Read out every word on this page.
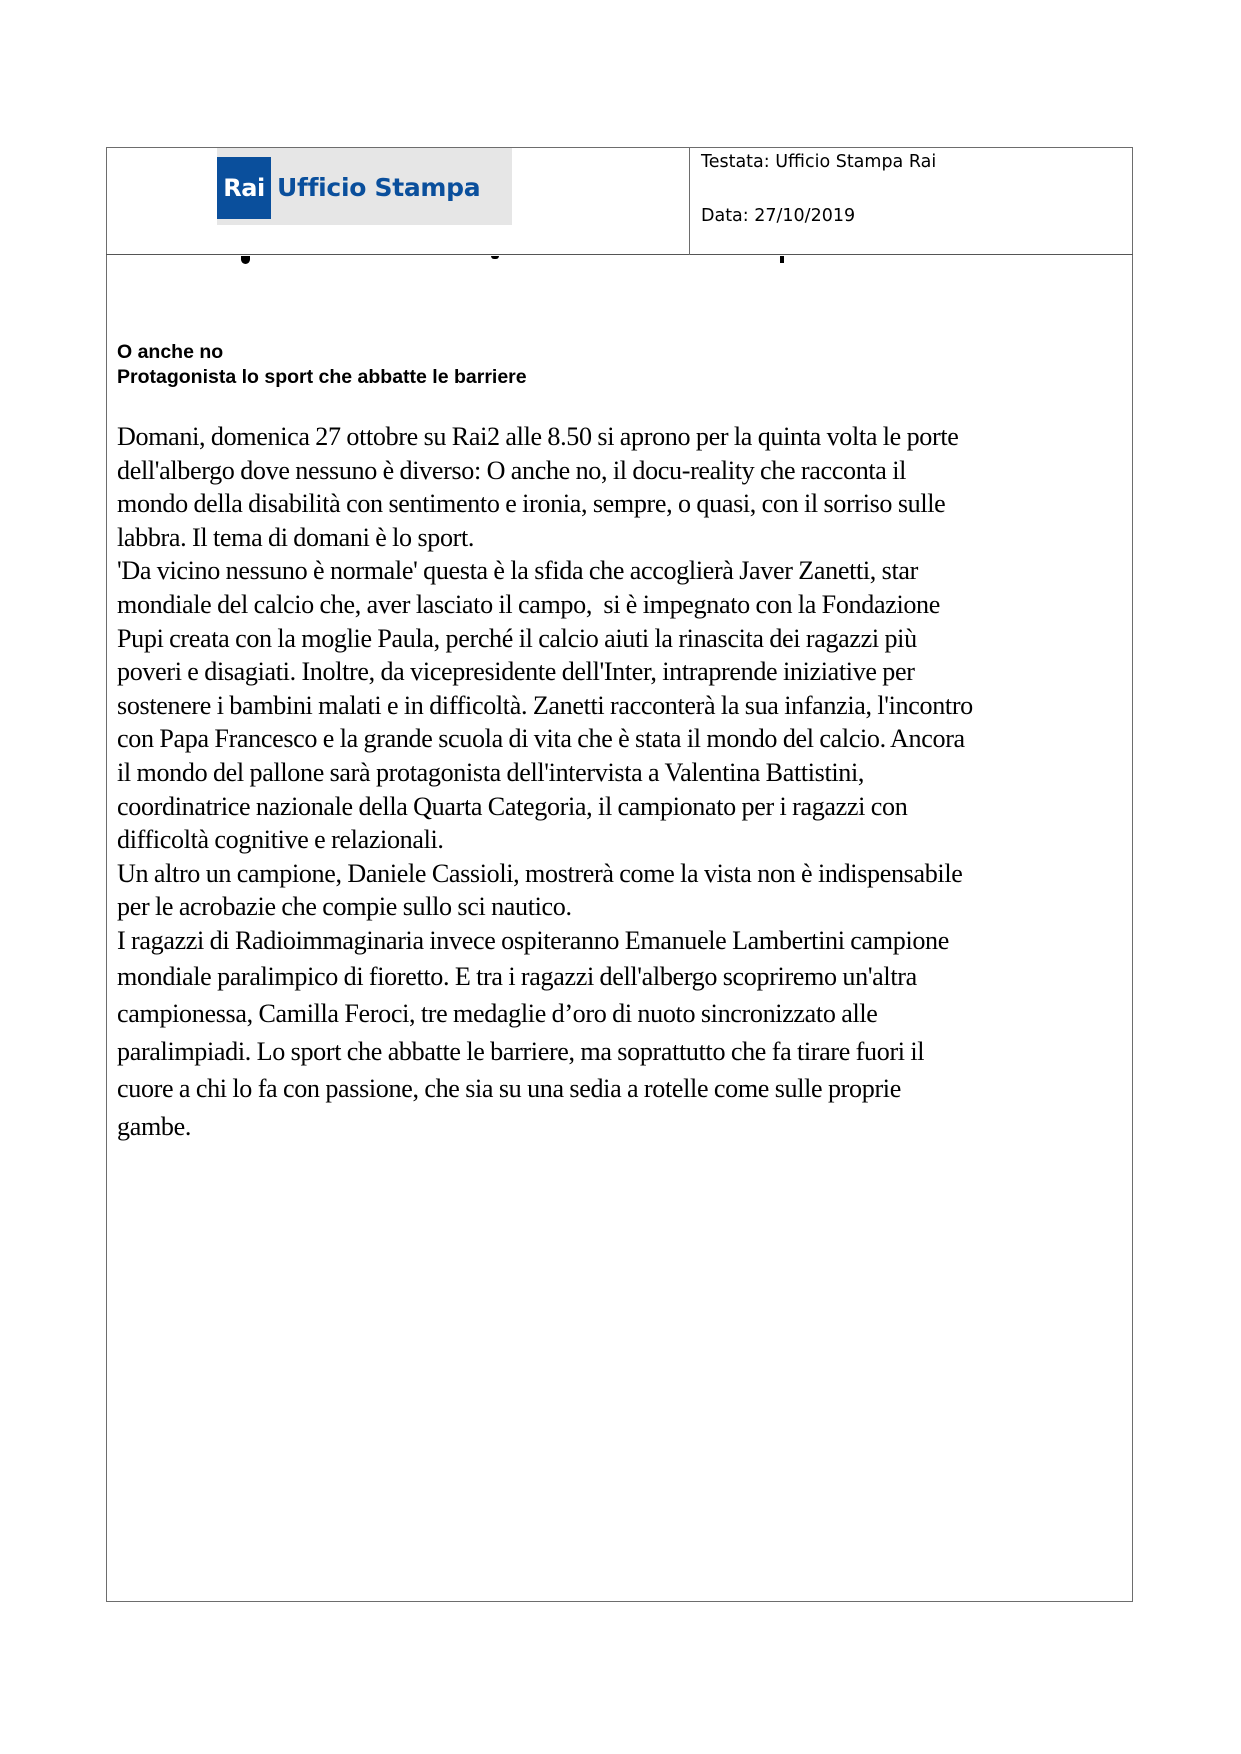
Rai Ufficio Stampa
Testata: Ufficio Stampa Rai
Data: 27/10/2019
O anche no
Protagonista lo sport che abbatte le barriere
Domani, domenica 27 ottobre su Rai2 alle 8.50 si aprono per la quinta volta le porte
dell'albergo dove nessuno è diverso: O anche no, il docu-reality che racconta il
mondo della disabilità con sentimento e ironia, sempre, o quasi, con il sorriso sulle
labbra. Il tema di domani è lo sport.
'Da vicino nessuno è normale' questa è la sfida che accoglierà Javer Zanetti, star
mondiale del calcio che, aver lasciato il campo,  si è impegnato con la Fondazione
Pupi creata con la moglie Paula, perché il calcio aiuti la rinascita dei ragazzi più
poveri e disagiati. Inoltre, da vicepresidente dell'Inter, intraprende iniziative per
sostenere i bambini malati e in difficoltà. Zanetti racconterà la sua infanzia, l'incontro
con Papa Francesco e la grande scuola di vita che è stata il mondo del calcio. Ancora
il mondo del pallone sarà protagonista dell'intervista a Valentina Battistini,
coordinatrice nazionale della Quarta Categoria, il campionato per i ragazzi con
difficoltà cognitive e relazionali.
Un altro un campione, Daniele Cassioli, mostrerà come la vista non è indispensabile
per le acrobazie che compie sullo sci nautico.
I ragazzi di Radioimmaginaria invece ospiteranno Emanuele Lambertini campione
mondiale paralimpico di fioretto. E tra i ragazzi dell'albergo scopriremo un'altra
campionessa, Camilla Feroci, tre medaglie d’oro di nuoto sincronizzato alle
paralimpiadi. Lo sport che abbatte le barriere, ma soprattutto che fa tirare fuori il
cuore a chi lo fa con passione, che sia su una sedia a rotelle come sulle proprie
gambe.
